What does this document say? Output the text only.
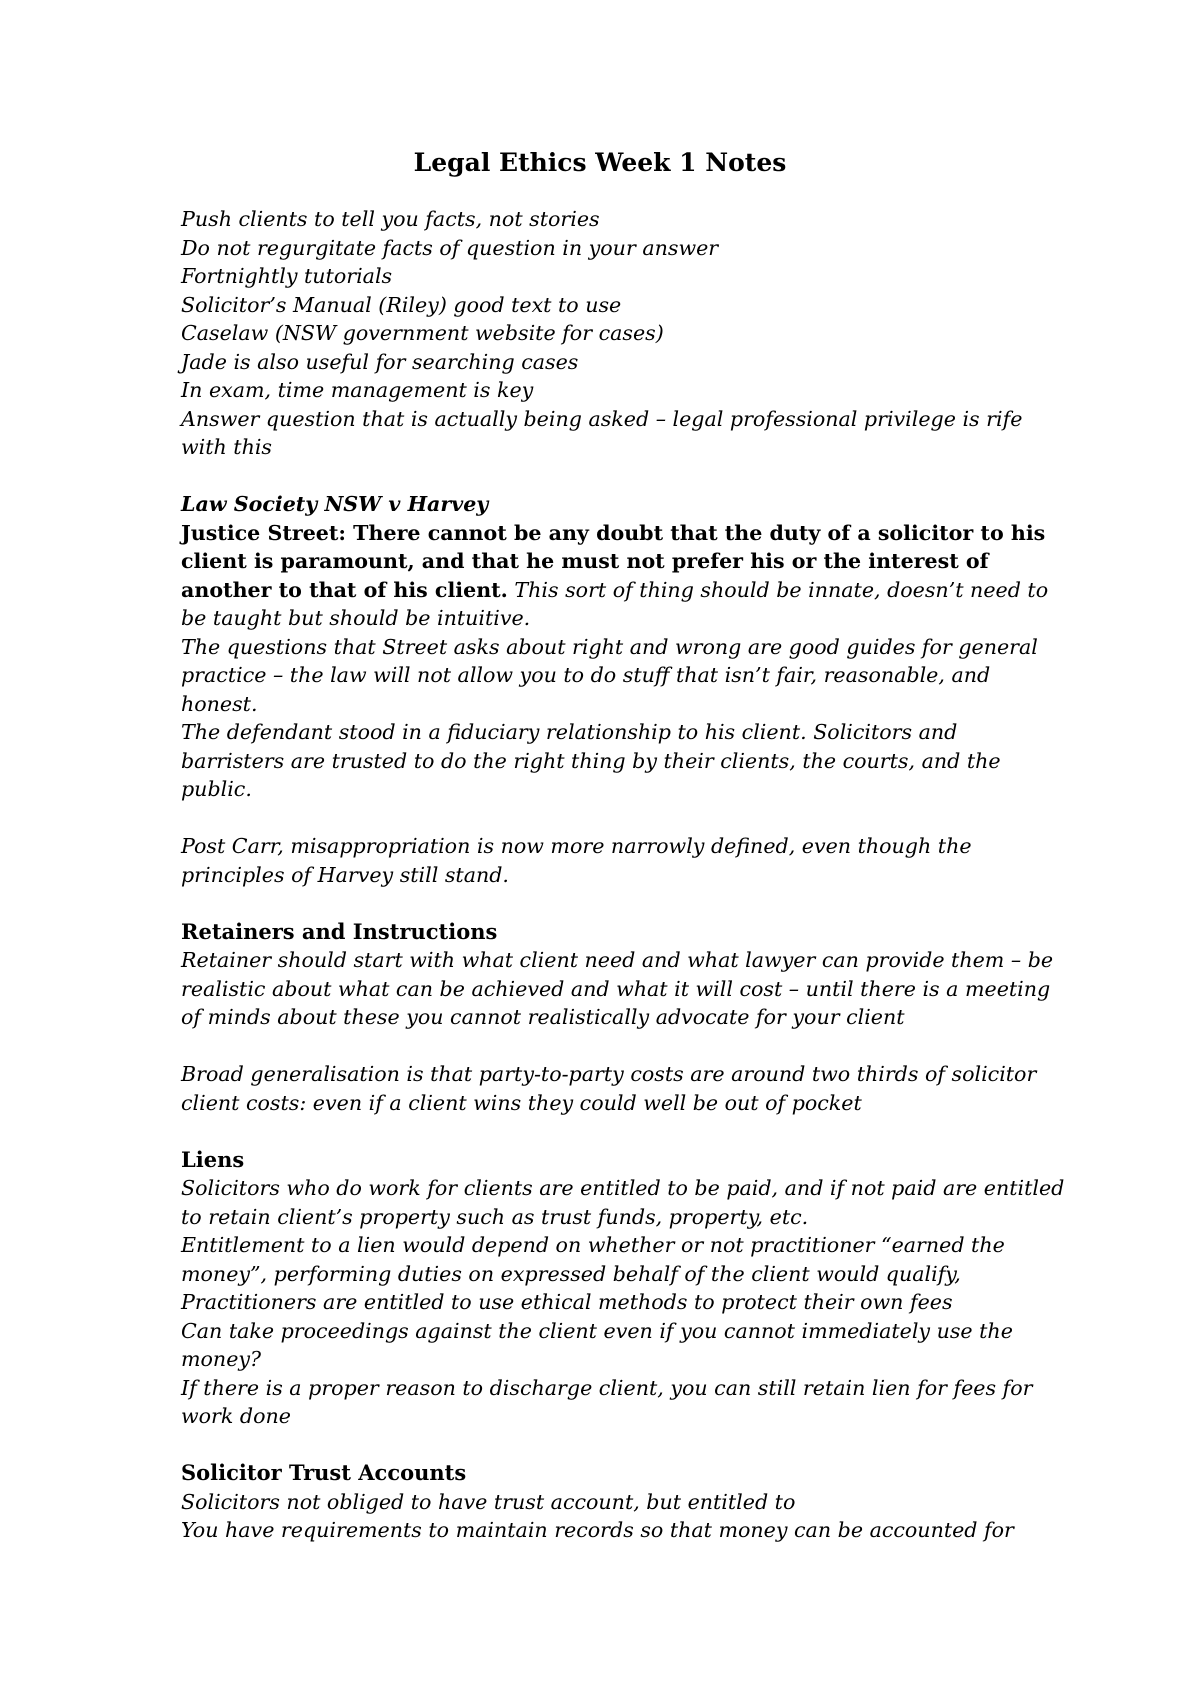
Legal Ethics Week 1 Notes
Push clients to tell you facts, not stories
Do not regurgitate facts of question in your answer
Fortnightly tutorials
Solicitor’s Manual (Riley) good text to use
Caselaw (NSW government website for cases)
Jade is also useful for searching cases
In exam, time management is key
Answer question that is actually being asked – legal professional privilege is rife
with this
Law Society NSW v Harvey
Justice Street: There cannot be any doubt that the duty of a solicitor to his
client is paramount, and that he must not prefer his or the interest of
another to that of his client. This sort of thing should be innate, doesn’t need to
be taught but should be intuitive.
The questions that Street asks about right and wrong are good guides for general
practice – the law will not allow you to do stuff that isn’t fair, reasonable, and
honest.
The defendant stood in a fiduciary relationship to his client. Solicitors and
barristers are trusted to do the right thing by their clients, the courts, and the
public.
Post Carr, misappropriation is now more narrowly defined, even though the
principles of Harvey still stand.
Retainers and Instructions
Retainer should start with what client need and what lawyer can provide them – be
realistic about what can be achieved and what it will cost – until there is a meeting
of minds about these you cannot realistically advocate for your client
Broad generalisation is that party-to-party costs are around two thirds of solicitor
client costs: even if a client wins they could well be out of pocket
Liens
Solicitors who do work for clients are entitled to be paid, and if not paid are entitled
to retain client’s property such as trust funds, property, etc.
Entitlement to a lien would depend on whether or not practitioner “earned the
money”, performing duties on expressed behalf of the client would qualify,
Practitioners are entitled to use ethical methods to protect their own fees
Can take proceedings against the client even if you cannot immediately use the
money?
If there is a proper reason to discharge client, you can still retain lien for fees for
work done
Solicitor Trust Accounts
Solicitors not obliged to have trust account, but entitled to
You have requirements to maintain records so that money can be accounted for
